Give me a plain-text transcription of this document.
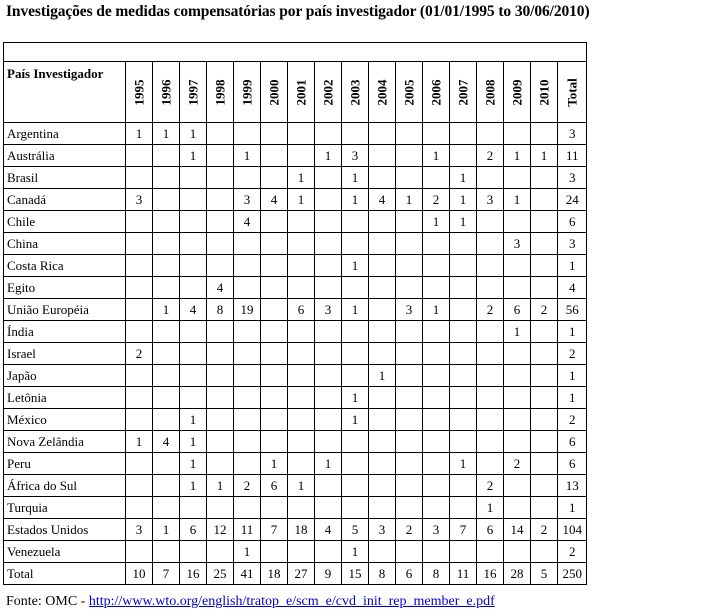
Investigações de medidas compensatórias por país investigador (01/01/1995 to 30/06/2010)

País Investigador	1995	1996	1997	1998	1999	2000	2001	2002	2003	2004	2005	2006	2007	2008	2009	2010	Total

Argentina	1	1	1														3
Austrália			1		1			1	3			1		2	1	1	11
Brasil							1		1				1				3
Canadá	3				3	4	1		1	4	1	2	1	3	1		24
Chile					4							1	1				6
China															3		3
Costa Rica									1								1
Egito				4													4
União Européia		1	4	8	19		6	3	1		3	1		2	6	2	56
Índia															1		1
Israel	2																2
Japão										1							1
Letônia									1								1
México			1						1								2
Nova Zelândia	1	4	1														6
Peru			1			1		1					1		2		6
África do Sul			1	1	2	6	1							2			13
Turquia														1			1
Estados Unidos	3	1	6	12	11	7	18	4	5	3	2	3	7	6	14	2	104
Venezuela					1				1								2
Total	10	7	16	25	41	18	27	9	15	8	6	8	11	16	28	5	250
Fonte: OMC - http://www.wto.org/english/tratop_e/scm_e/cvd_init_rep_member_e.pdf
